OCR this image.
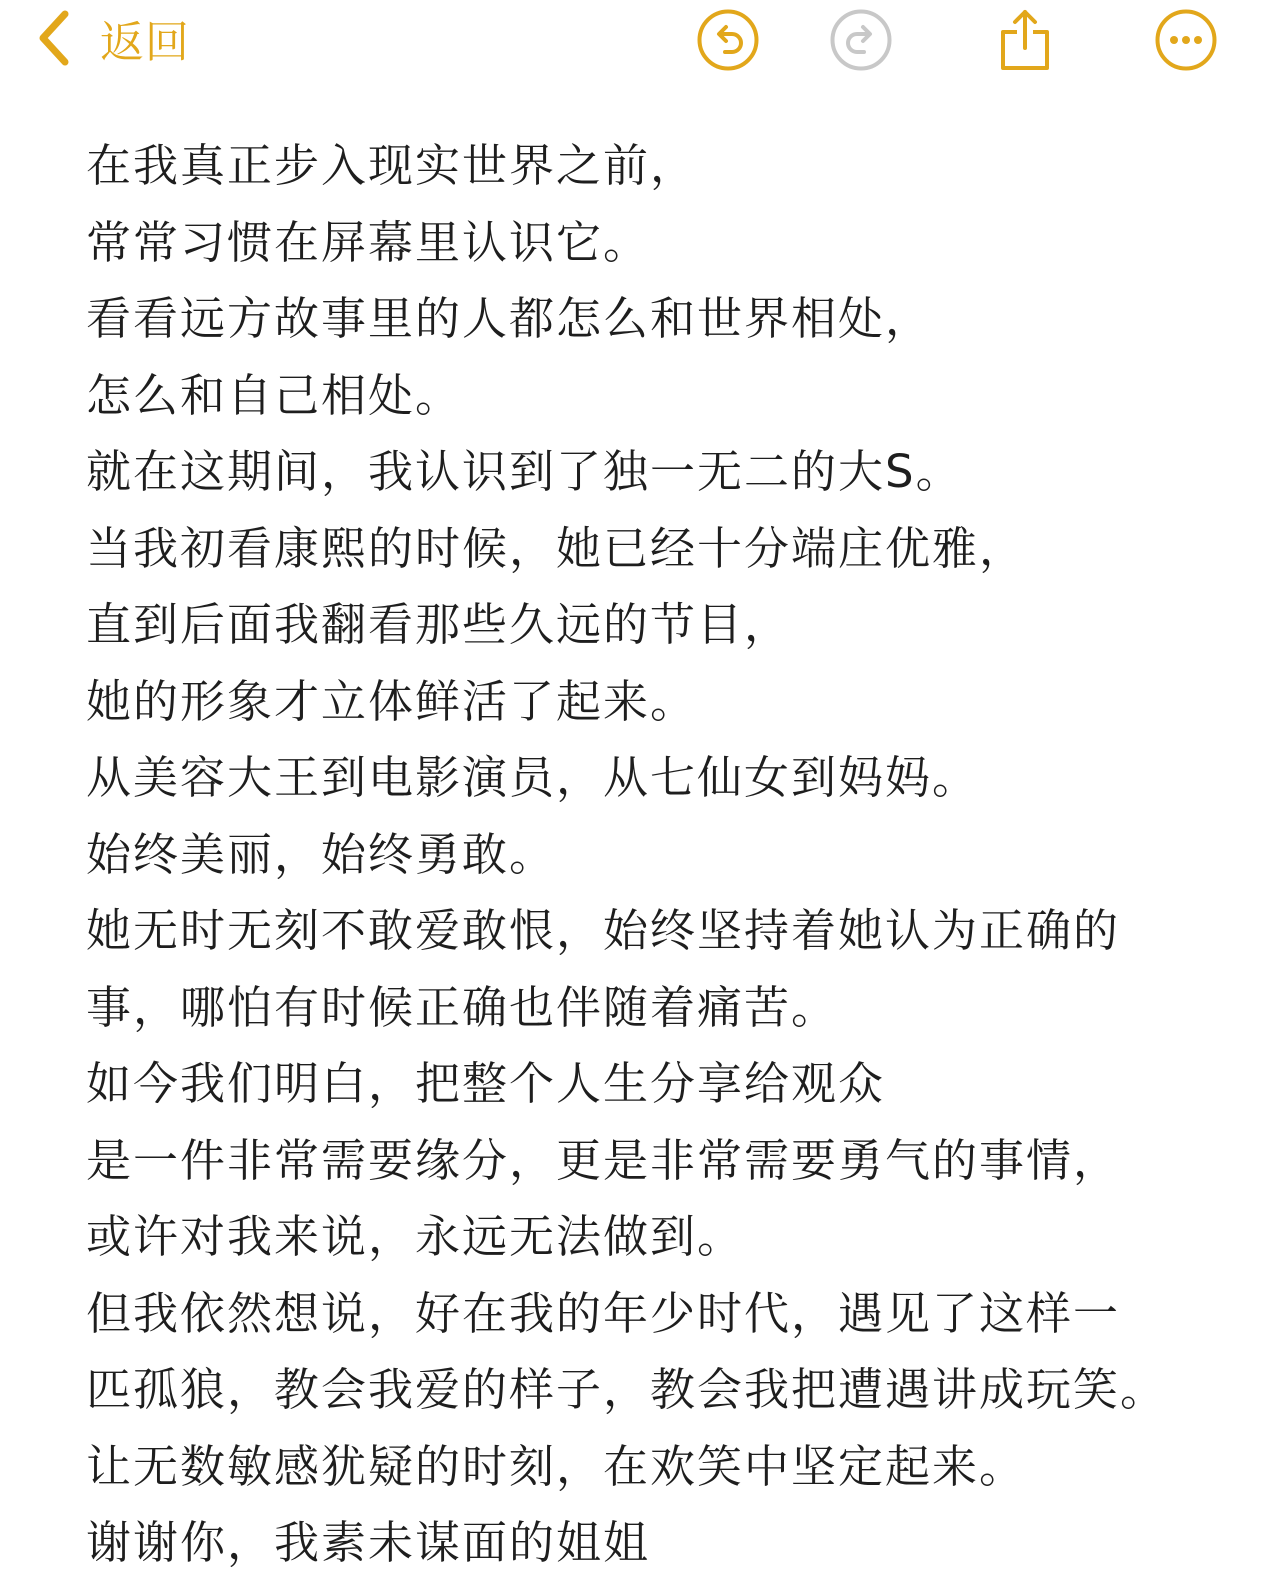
返回
在我真正步入现实世界之前，
常常习惯在屏幕里认识它。
看看远方故事里的人都怎么和世界相处，
怎么和自己相处。
就在这期间，我认识到了独一无二的大S。
当我初看康熙的时候，她已经十分端庄优雅，
直到后面我翻看那些久远的节目，
她的形象才立体鲜活了起来。
从美容大王到电影演员，从七仙女到妈妈。
始终美丽，始终勇敢。
她无时无刻不敢爱敢恨，始终坚持着她认为正确的
事，哪怕有时候正确也伴随着痛苦。
如今我们明白，把整个人生分享给观众
是一件非常需要缘分，更是非常需要勇气的事情，
或许对我来说，永远无法做到。
但我依然想说，好在我的年少时代，遇见了这样一
匹孤狼，教会我爱的样子，教会我把遭遇讲成玩笑。
让无数敏感犹疑的时刻，在欢笑中坚定起来。
谢谢你，我素未谋面的姐姐
